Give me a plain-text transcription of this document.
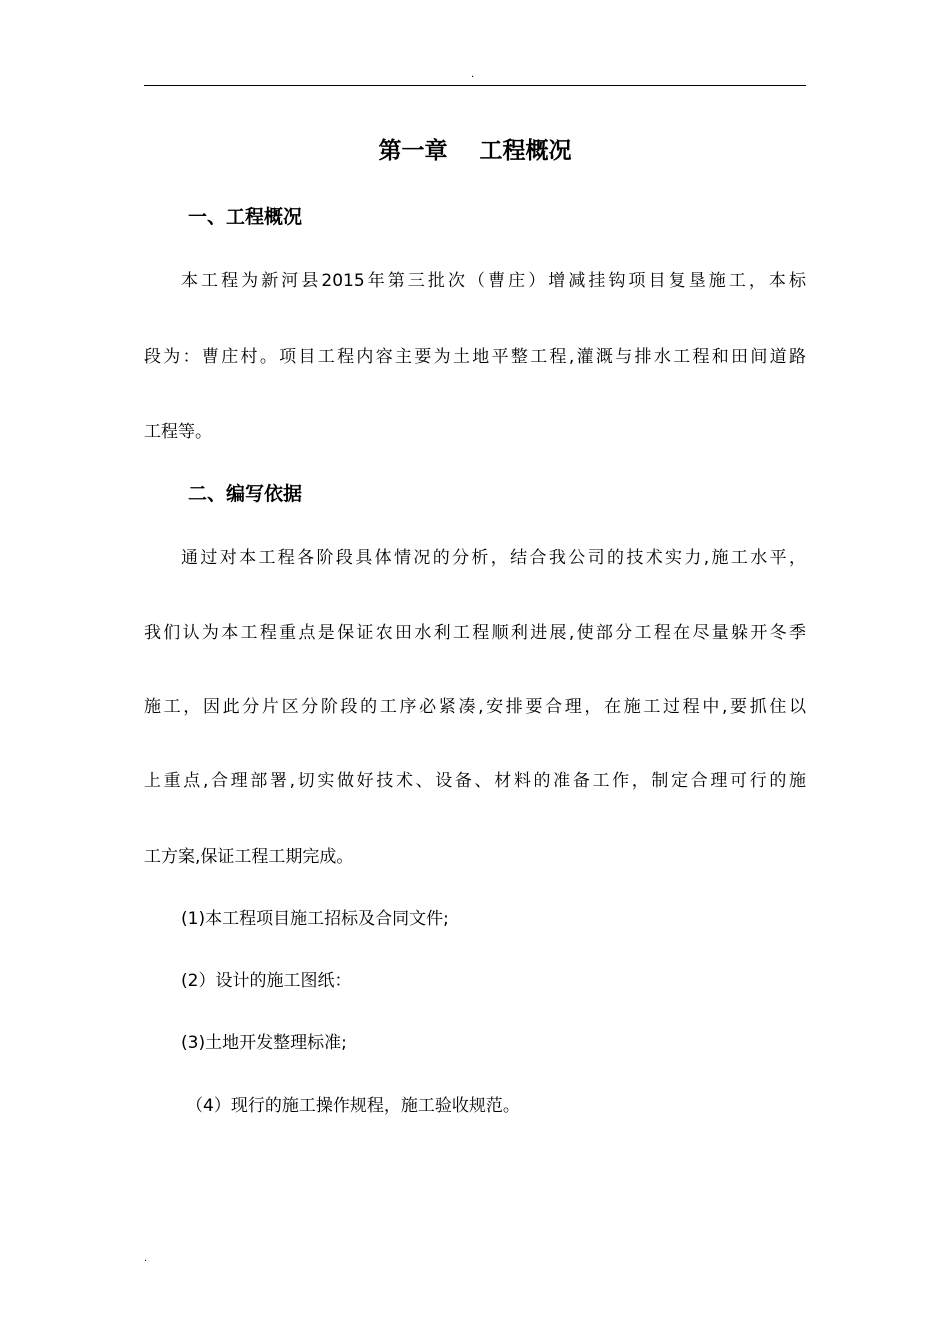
.
第一章    工程概况
一、工程概况
本工程为新河县2015年第三批次（曹庄）增减挂钩项目复垦施工，本标
段为：曹庄村。项目工程内容主要为土地平整工程,灌溉与排水工程和田间道路
工程等。
二、编写依据
通过对本工程各阶段具体情况的分析，结合我公司的技术实力,施工水平，
我们认为本工程重点是保证农田水利工程顺利进展,使部分工程在尽量躲开冬季
施工，因此分片区分阶段的工序必紧凑,安排要合理，在施工过程中,要抓住以
上重点,合理部署,切实做好技术、设备、材料的准备工作，制定合理可行的施
工方案,保证工程工期完成。
(1)本工程项目施工招标及合同文件;
(2）设计的施工图纸：
(3)土地开发整理标准;
（4）现行的施工操作规程，施工验收规范。
.
